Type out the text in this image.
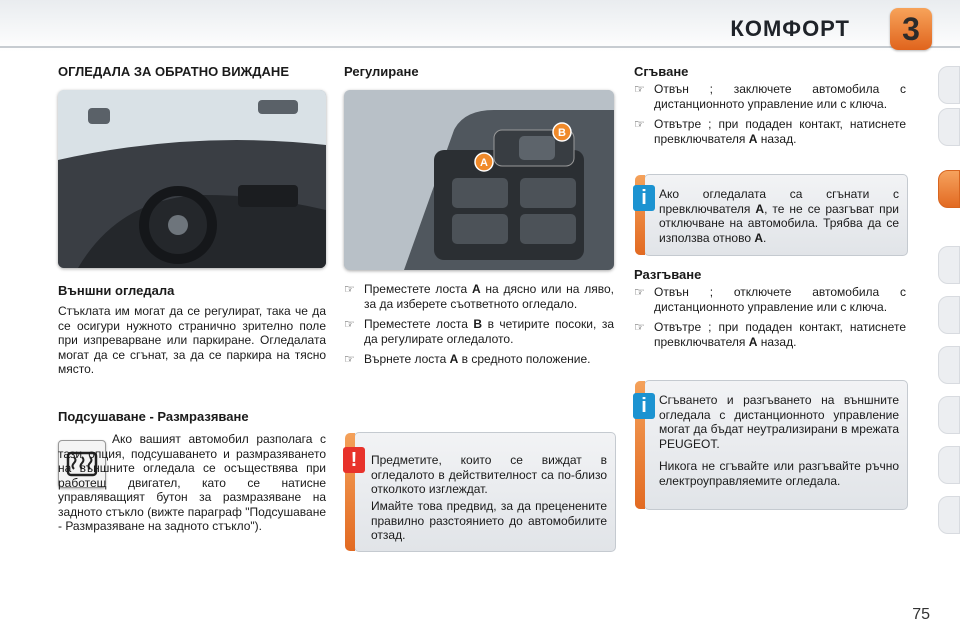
КОМФОРТ	3
ОГЛЕДАЛА ЗА ОБРАТНО ВИЖДАНЕ
Външни огледала
Стъклата им могат да се регулират, така че да се осигури нужното странично зрително поле при изпреварване или паркиране. Огледалата могат да се сгънат, за да се паркира на тясно място.
Подсушаване - Размразяване
Ако вашият автомобил разполага с тази опция, подсушаването и размразяването на външните огледала се осъществява при работещ двигател, като се натисне управляващият бутон за размразяване на задното стъкло (вижте параграф "Подсушаване - Размразяване на задното стъкло").
Регулиране
A
B
☞ Преместете лоста A на дясно или на ляво, за да изберете съответното огледало.
☞ Преместете лоста B в четирите посоки, за да регулирате огледалото.
☞ Върнете лоста A в средното положение.
!	Предметите, които се виждат в огледалото в действителност са по-близо отколкото изглеждат.
Имайте това предвид, за да преценените правилно разстоянието до автомобилите отзад.
Сгъване
☞ Отвън ; заключете автомобила с дистанционното управление или с ключа.
☞ Отвътре ; при подаден контакт, натиснете превключвателя A назад.
i	Ако огледалата са сгънати с превключвателя A, те не се разгъват при отключване на автомобила. Трябва да се използва отново A.
Разгъване
☞ Отвън ; отключете автомобила с дистанционното управление или с ключа.
☞ Отвътре ; при подаден контакт, натиснете превключвателя A назад.
i	Сгъването и разгъването на външните огледала с дистанционното управление могат да бъдат неутрализирани в мрежата PEUGEOT.
Никога не сгъвайте или разгъвайте ръчно електроуправляемите огледала.
75
